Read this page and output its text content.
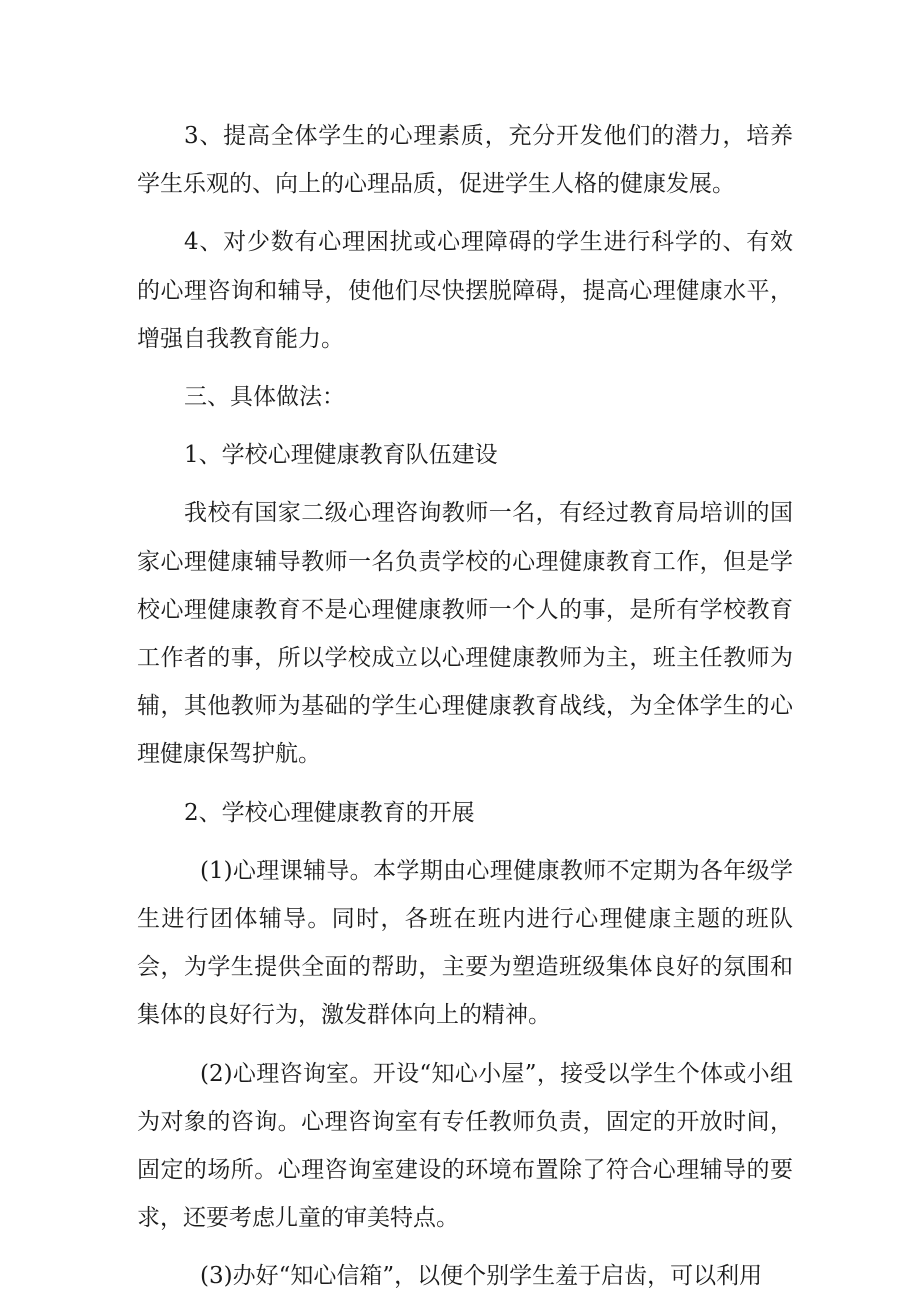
3、提高全体学生的心理素质，充分开发他们的潜力，培养学生乐观的、向上的心理品质，促进学生人格的健康发展。

4、对少数有心理困扰或心理障碍的学生进行科学的、有效的心理咨询和辅导，使他们尽快摆脱障碍，提高心理健康水平，增强自我教育能力。

三、具体做法：

1、学校心理健康教育队伍建设

我校有国家二级心理咨询教师一名，有经过教育局培训的国家心理健康辅导教师一名负责学校的心理健康教育工作，但是学校心理健康教育不是心理健康教师一个人的事，是所有学校教育工作者的事，所以学校成立以心理健康教师为主，班主任教师为辅，其他教师为基础的学生心理健康教育战线，为全体学生的心理健康保驾护航。

2、学校心理健康教育的开展

(1)心理课辅导。本学期由心理健康教师不定期为各年级学生进行团体辅导。同时，各班在班内进行心理健康主题的班队会，为学生提供全面的帮助，主要为塑造班级集体良好的氛围和集体的良好行为，激发群体向上的精神。

(2)心理咨询室。开设“知心小屋”，接受以学生个体或小组为对象的咨询。心理咨询室有专任教师负责，固定的开放时间，固定的场所。心理咨询室建设的环境布置除了符合心理辅导的要求，还要考虑儿童的审美特点。

(3)办好“知心信箱”，以便个别学生羞于启齿，可以利用
